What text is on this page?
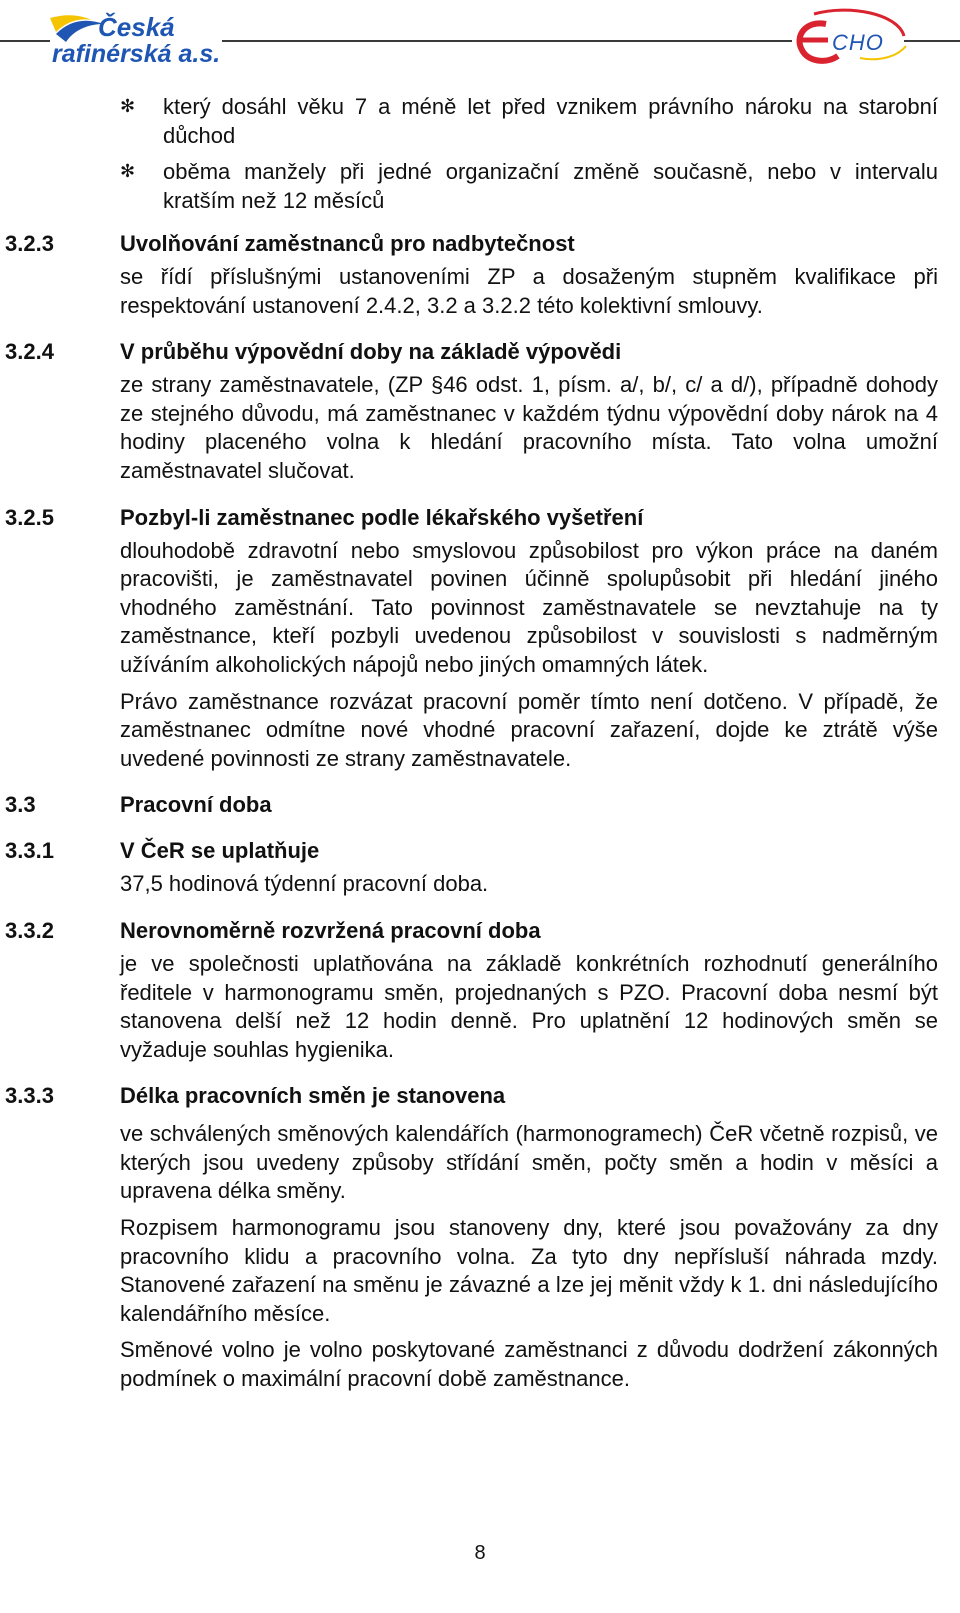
Česká
rafinérská a.s.	CHO
✻ který dosáhl věku 7 a méně let před vznikem právního nároku na starobní důchod
✻ oběma manžely při jedné organizační změně současně, nebo v intervalu kratším než 12 měsíců
3.2.3	Uvolňování zaměstnanců pro nadbytečnost
se řídí příslušnými ustanoveními ZP a dosaženým stupněm kvalifikace při respektování ustanovení 2.4.2, 3.2 a 3.2.2 této kolektivní smlouvy.
3.2.4	V průběhu výpovědní doby na základě výpovědi
ze strany zaměstnavatele, (ZP §46 odst. 1, písm. a/, b/, c/ a d/), případně dohody ze stejného důvodu, má zaměstnanec v každém týdnu výpovědní doby nárok na 4 hodiny placeného volna k hledání pracovního místa. Tato volna umožní zaměstnavatel slučovat.
3.2.5	Pozbyl-li zaměstnanec podle lékařského vyšetření
dlouhodobě zdravotní nebo smyslovou způsobilost pro výkon práce na daném pracovišti, je zaměstnavatel povinen účinně spolupůsobit při hledání jiného vhodného zaměstnání. Tato povinnost zaměstnavatele se nevztahuje na ty zaměstnance, kteří pozbyli uvedenou způsobilost v souvislosti s nadměrným užíváním alkoholických nápojů nebo jiných omamných látek.
Právo zaměstnance rozvázat pracovní poměr tímto není dotčeno. V případě, že zaměstnanec odmítne nové vhodné pracovní zařazení, dojde ke ztrátě výše uvedené povinnosti ze strany zaměstnavatele.
3.3	Pracovní doba
3.3.1	V ČeR se uplatňuje
37,5 hodinová týdenní pracovní doba.
3.3.2	Nerovnoměrně rozvržená pracovní doba
je ve společnosti uplatňována na základě konkrétních rozhodnutí generálního ředitele v harmonogramu směn, projednaných s PZO. Pracovní doba nesmí být stanovena delší než 12 hodin denně. Pro uplatnění 12 hodinových směn se vyžaduje souhlas hygienika.
3.3.3	Délka pracovních směn je stanovena
ve schválených směnových kalendářích (harmonogramech) ČeR včetně rozpisů, ve kterých jsou uvedeny způsoby střídání směn, počty směn a hodin v měsíci a upravena délka směny.
Rozpisem harmonogramu jsou stanoveny dny, které jsou považovány za dny pracovního klidu a pracovního volna. Za tyto dny nepřísluší náhrada mzdy. Stanovené zařazení na směnu je závazné a lze jej měnit vždy k 1. dni následujícího kalendářního měsíce.
Směnové volno je volno poskytované zaměstnanci z důvodu dodržení zákonných podmínek o maximální pracovní době zaměstnance.
8
